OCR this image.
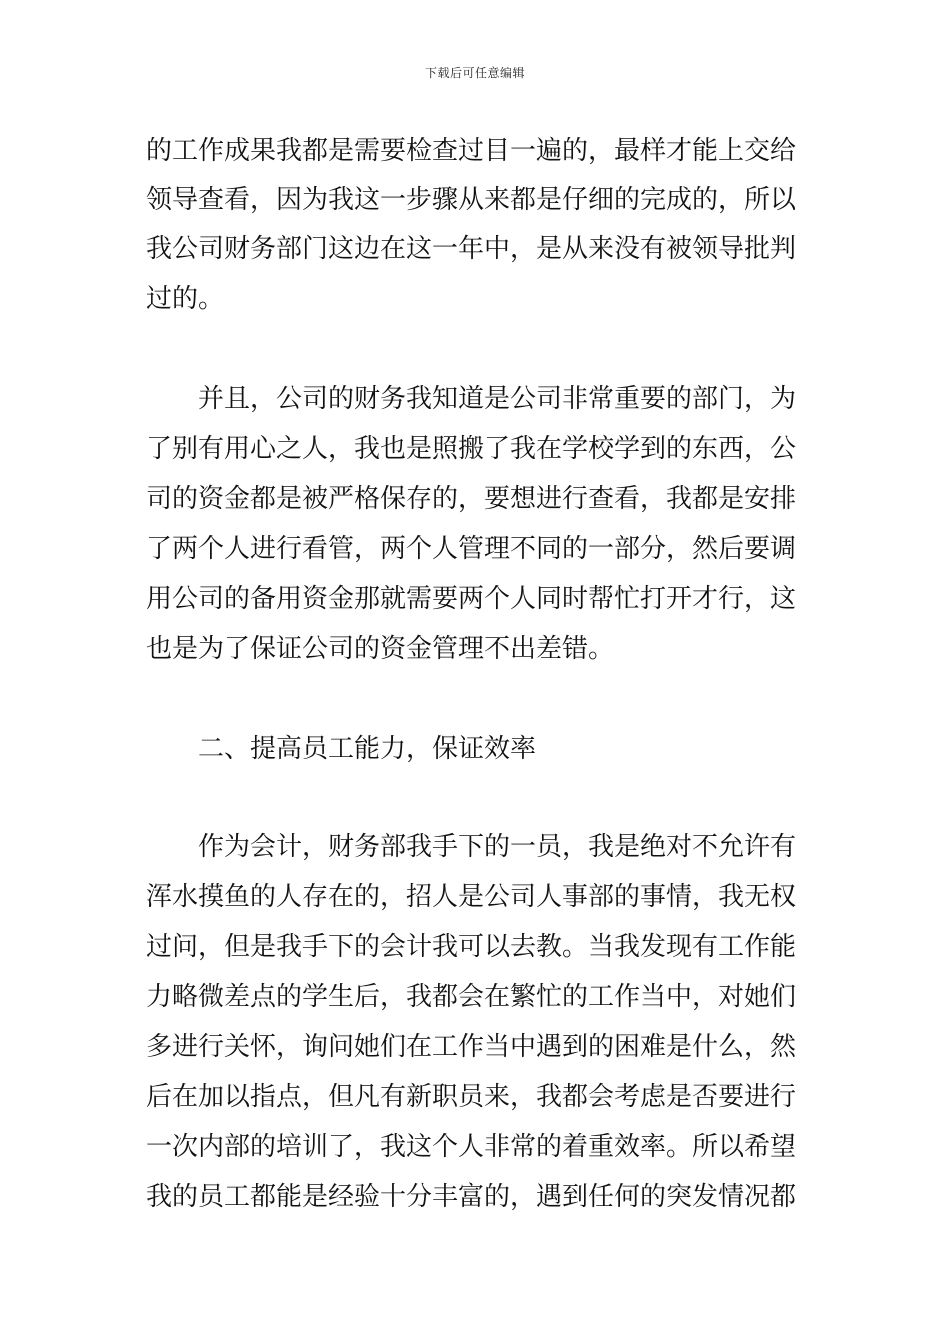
下载后可任意编辑
的工作成果我都是需要检查过目一遍的，最样才能上交给
领导查看，因为我这一步骤从来都是仔细的完成的，所以
我公司财务部门这边在这一年中，是从来没有被领导批判
过的。
并且，公司的财务我知道是公司非常重要的部门，为
了别有用心之人，我也是照搬了我在学校学到的东西，公
司的资金都是被严格保存的，要想进行查看，我都是安排
了两个人进行看管，两个人管理不同的一部分，然后要调
用公司的备用资金那就需要两个人同时帮忙打开才行，这
也是为了保证公司的资金管理不出差错。
二、提高员工能力，保证效率
作为会计，财务部我手下的一员，我是绝对不允许有
浑水摸鱼的人存在的，招人是公司人事部的事情，我无权
过问，但是我手下的会计我可以去教。当我发现有工作能
力略微差点的学生后，我都会在繁忙的工作当中，对她们
多进行关怀，询问她们在工作当中遇到的困难是什么，然
后在加以指点，但凡有新职员来，我都会考虑是否要进行
一次内部的培训了，我这个人非常的着重效率。所以希望
我的员工都能是经验十分丰富的，遇到任何的突发情况都
